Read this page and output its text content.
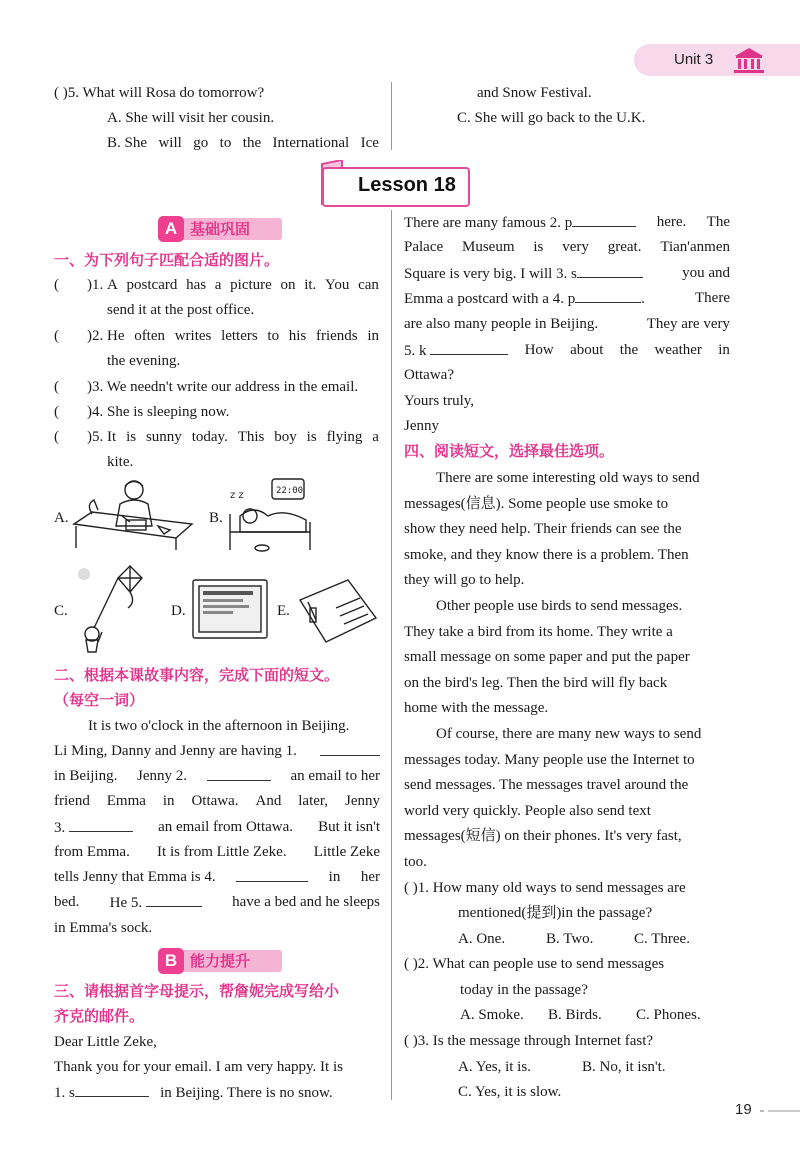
Unit 3
( )5. What will Rosa do tomorrow?
A. She will visit her cousin.
B. She will go to the International Ice
and Snow Festival.
C. She will go back to the U.K.
Lesson 18
A 基础巩固
一、为下列句子匹配合适的图片。
( )1. A postcard has a picture on it. You can
send it at the post office.
( )2. He often writes letters to his friends in
the evening.
( )3. We needn't write our address in the email.
( )4. She is sleeping now.
( )5. It is sunny today. This boy is flying a
kite.
A.	B.
C.	D.	E.
22:00
z z
二、根据本课故事内容，完成下面的短文。
（每空一词）
It is two o'clock in the afternoon in Beijing.
Li Ming, Danny and Jenny are having 1.
in Beijing. Jenny 2.	an email to her
friend Emma in Ottawa. And later, Jenny
3.	an email from Ottawa. But it isn't
from Emma. It is from Little Zeke. Little Zeke
tells Jenny that Emma is 4.	in her
bed. He 5.	have a bed and he sleeps
in Emma's sock.
B 能力提升
三、请根据首字母提示，帮詹妮完成写给小
齐克的邮件。
Dear Little Zeke,
Thank you for your email. I am very happy. It is
1. s	in Beijing. There is no snow.
There are many famous 2. p	here. The
Palace Museum is very great. Tian'anmen
Square is very big. I will 3. s	you and
Emma a postcard with a 4. p	.	There
are also many people in Beijing.	They are very
5. k	How about the weather in
Ottawa?
Yours truly,
Jenny
四、阅读短文，选择最佳选项。
There are some interesting old ways to send
messages(信息). Some people use smoke to
show they need help. Their friends can see the
smoke, and they know there is a problem. Then
they will go to help.
Other people use birds to send messages.
They take a bird from its home. They write a
small message on some paper and put the paper
on the bird's leg. Then the bird will fly back
home with the message.
Of course, there are many new ways to send
messages today. Many people use the Internet to
send messages. The messages travel around the
world very quickly. People also send text
messages(短信) on their phones. It's very fast,
too.
( )1. How many old ways to send messages are
mentioned(提到)in the passage?
A. One.	B. Two.	C. Three.
( )2. What can people use to send messages
today in the passage?
A. Smoke. B. Birds. C. Phones.
( )3. Is the message through Internet fast?
A. Yes, it is.	B. No, it isn't.
C. Yes, it is slow.
19
